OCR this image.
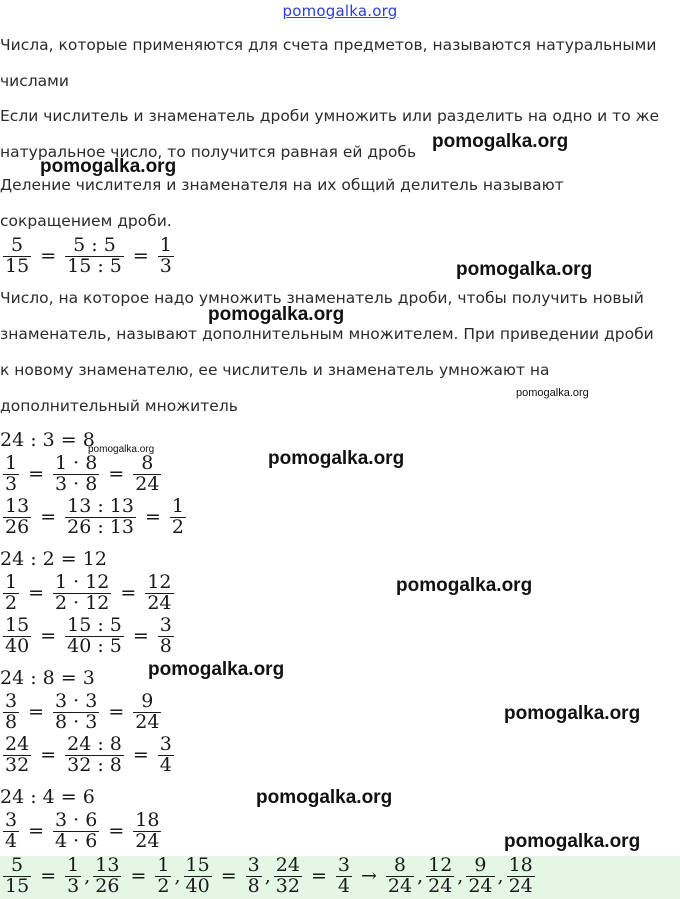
pomogalka.org
Числа, которые применяются для счета предметов, называются натуральными
числами
Если числитель и знаменатель дроби умножить или разделить на одно и то же
натуральное число, то получится равная ей дробь
Деление числителя и знаменателя на их общий делитель называют
сокращением дроби.
$\frac{5}{15} = \frac{5 : 5}{15 : 5} = \frac{1}{3}$
Число, на которое надо умножить знаменатель дроби, чтобы получить новый
знаменатель, называют дополнительным множителем. При приведении дроби
к новому знаменателю, ее числитель и знаменатель умножают на
дополнительный множитель
24 : 3 = 8
$\frac{1}{3} = \frac{1 \cdot 8}{3 \cdot 8} = \frac{8}{24}$
$\frac{13}{26} = \frac{13 : 13}{26 : 13} = \frac{1}{2}$
24 : 2 = 12
$\frac{1}{2} = \frac{1 \cdot 12}{2 \cdot 12} = \frac{12}{24}$
$\frac{15}{40} = \frac{15 : 5}{40 : 5} = \frac{3}{8}$
24 : 8 = 3
$\frac{3}{8} = \frac{3 \cdot 3}{8 \cdot 3} = \frac{9}{24}$
$\frac{24}{32} = \frac{24 : 8}{32 : 8} = \frac{3}{4}$
24 : 4 = 6
$\frac{3}{4} = \frac{3 \cdot 6}{4 \cdot 6} = \frac{18}{24}$
$\frac{5}{15} = \frac{1}{3}$ , $\frac{13}{26} = \frac{1}{2}$ , $\frac{15}{40} = \frac{3}{8}$ , $\frac{24}{32} = \frac{3}{4} \to \frac{8}{24}$ , $\frac{12}{24}$ , $\frac{9}{24}$ , $\frac{18}{24}$
pomogalka.org
pomogalka.org
pomogalka.org
pomogalka.org
pomogalka.org
pomogalka.org	pomogalka.org
pomogalka.org
pomogalka.org
pomogalka.org
pomogalka.org
pomogalka.org
